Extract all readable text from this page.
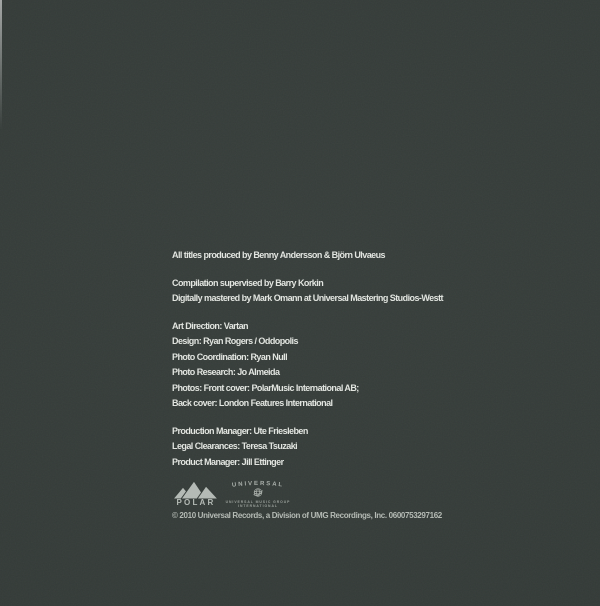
All titles produced by Benny Andersson & Björn Ulvaeus

Compilation supervised by Barry Korkin
Digitally mastered by Mark Omann at Universal Mastering Studios-Westt

Art Direction: Vartan
Design: Ryan Rogers / Oddopolis
Photo Coordination: Ryan Null
Photo Research: Jo Almeida
Photos: Front cover: PolarMusic International AB;
Back cover: London Features International

Production Manager: Ute Friesleben
Legal Clearances: Teresa Tsuzaki
Product Manager: Jill Ettinger

POLAR
UNIVERSAL
UNIVERSAL MUSIC GROUP
INTERNATIONAL
© 2010 Universal Records, a Division of UMG Recordings, Inc. 0600753297162
